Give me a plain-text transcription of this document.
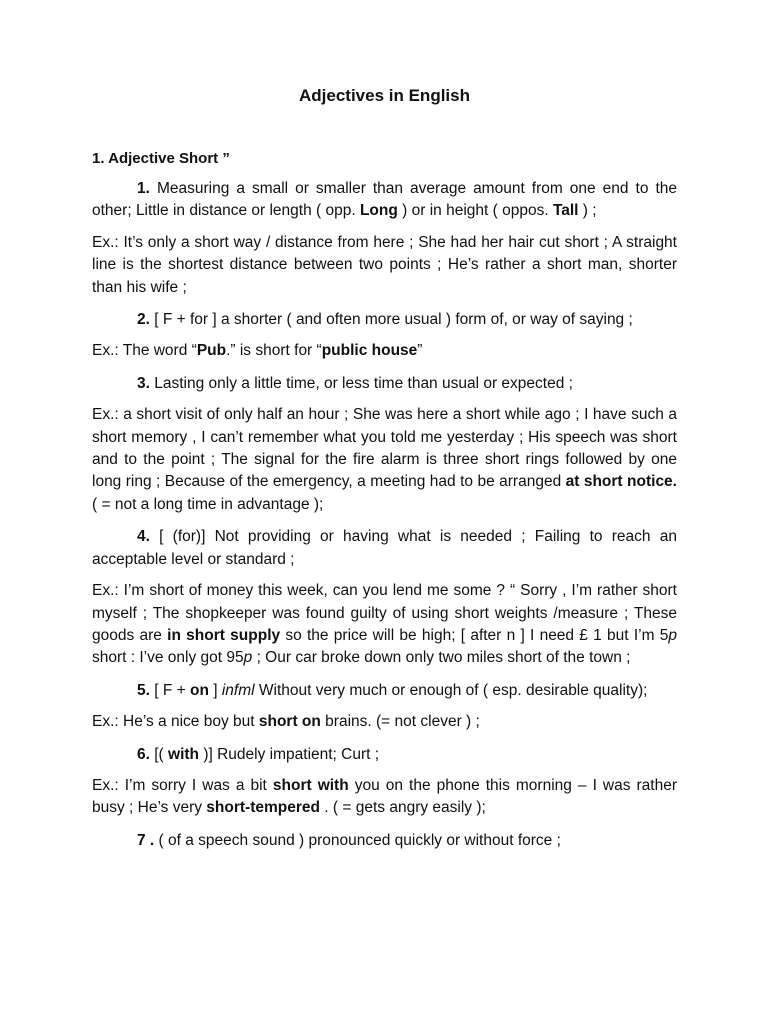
Adjectives in English
1. Adjective Short ”

1. Measuring a small or smaller than average amount from one end to the other; Little in distance or length ( opp. Long ) or in height ( oppos. Tall ) ;

Ex.: It’s only a short way / distance from here ; She had her hair cut short ; A straight line is the shortest distance between two points ; He’s rather a short man, shorter than his wife ;

2. [ F + for ] a shorter ( and often more usual ) form of, or way of saying ;

Ex.: The word “Pub.” is short for “public house”

3. Lasting only a little time, or less time than usual or expected ;

Ex.: a short visit of only half an hour ; She was here a short while ago ; I have such a short memory , I can’t remember what you told me yesterday ; His speech was short and to the point ; The signal for the fire alarm is three short rings followed by one long ring ; Because of the emergency, a meeting had to be arranged at short notice. ( = not a long time in advantage );

4. [ (for)] Not providing or having what is needed ; Failing to reach an acceptable level or standard ;

Ex.: I’m short of money this week, can you lend me some ? “ Sorry , I’m rather short myself ; The shopkeeper was found guilty of using short weights /measure ; These goods are in short supply so the price will be high; [ after n ] I need £ 1 but I’m 5p short : I’ve only got 95p ; Our car broke down only two miles short of the town ;

5. [ F + on ] infml Without very much or enough of ( esp. desirable quality);

Ex.: He’s a nice boy but short on brains. (= not clever ) ;

6. [( with )] Rudely impatient; Curt ;

Ex.: I’m sorry I was a bit short with you on the phone this morning – I was rather busy ; He’s very short-tempered . ( = gets angry easily );

7 . ( of a speech sound ) pronounced quickly or without force ;
